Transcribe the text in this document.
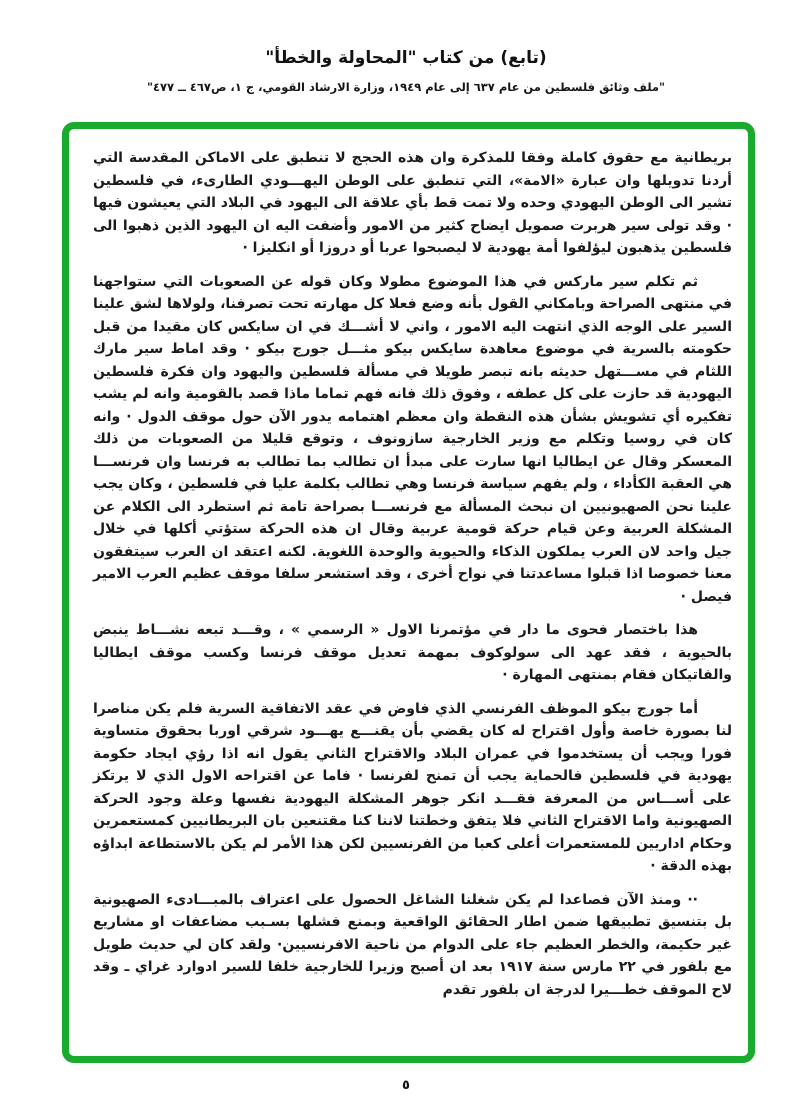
(تابع) من كتاب "المحاولة والخطأ"
"ملف وثائق فلسطين من عام ٦٣٧ إلى عام ١٩٤٩، وزارة الارشاد القومي، ج ١، ص٤٦٧ ــ ٤٧٧"

بريطانية مع حقوق كاملة وفقا للمذكرة وان هذه الحجج لا تنطبق على الاماكن المقدسة التي أردنا تدويلها وان عبارة «الامة»، التي تنطبق على الوطن اليهـــودي الطارىء، في فلسطين تشير الى الوطن اليهودي وحده ولا تمت قط بأي علاقة الى اليهود في البلاد التي يعيشون فيها · وقد تولى سير هربرت صمويل ايضاح كثير من الامور وأضفت اليه ان اليهود الذين ذهبوا الى فلسطين يذهبون ليؤلفوا أمة يهودية لا ليصبحوا عربا أو دروزا أو انكليزا ·

ثم تكلم سير ماركس في هذا الموضوع مطولا وكان قوله عن الصعوبات التي ستواجهنا في منتهى الصراحة وبامكاني القول بأنه وضع فعلا كل مهارته تحت تصرفنا، ولولاها لشق علينا السير على الوجه الذي انتهت اليه الامور ، واني لا أشـــك في ان سايكس كان مقيدا من قبل حكومته بالسرية في موضوع معاهدة سايكس بيكو مثـــل جورج بيكو · وقد اماط سير مارك اللثام في مســـتهل حديثه بانه تبصر طويلا في مسألة فلسطين واليهود وان فكرة فلسطين اليهودية قد حازت على كل عطفه ، وفوق ذلك فانه فهم تماما ماذا قصد بالقومية وانه لم يشب تفكيره أي تشويش بشأن هذه النقطة وان معظم اهتمامه يدور الآن حول موقف الدول · وانه كان في روسيا وتكلم مع وزير الخارجية سازونوف ، وتوقع قليلا من الصعوبات من ذلك المعسكر وقال عن ايطاليا انها سارت على مبدأ ان تطالب بما تطالب به فرنسا وان فرنســـا هي العقبة الكأداء ، ولم يفهم سياسة فرنسا وهي تطالب بكلمة عليا في فلسطين ، وكان يجب علينا نحن الصهيونيين ان نبحث المسألة مع فرنســـا بصراحة تامة ثم استطرد الى الكلام عن المشكلة العربية وعن قيام حركة قومية عربية وقال ان هذه الحركة ستؤتي أكلها في خلال جيل واحد لان العرب يملكون الذكاء والحيوية والوحدة اللغوية. لكنه اعتقد ان العرب سيتفقون معنا خصوصا اذا قبلوا مساعدتنا في نواح أخرى ، وقد استشعر سلفا موقف عظيم العرب الامير فيصل ·

هذا باختصار فحوى ما دار في مؤتمرنا الاول « الرسمي » ، وقـــد تبعه نشـــاط ينبض بالحيوية ، فقد عهد الى سولوكوف بمهمة تعديل موقف فرنسا وكسب موقف ايطاليا والفاتيكان فقام بمنتهى المهارة ·

أما جورج بيكو الموظف الفرنسي الذي فاوض في عقد الاتفاقية السرية فلم يكن مناصرا لنا بصورة خاصة وأول اقتراح له كان يقضي بأن يقنـــع يهـــود شرقي اوربا بحقوق متساوية فورا ويجب أن يستخدموا في عمران البلاد والاقتراح الثاني يقول انه اذا رؤي ايجاد حكومة يهودية في فلسطين فالحماية يجب أن تمنح لفرنسا · فاما عن اقتراحه الاول الذي لا يرتكز على أســـاس من المعرفة فقـــد انكر جوهر المشكلة اليهودية نفسها وعلة وجود الحركة الصهيونية واما الاقتراح الثاني فلا يتفق وخطتنا لاننا كنا مقتنعين بان البريطانيين كمستعمرين وحكام اداريين للمستعمرات أعلى كعبا من الفرنسيين لكن هذا الأمر لم يكن بالاستطاعة ابداؤه بهذه الدقة ·

·· ومنذ الآن فصاعدا لم يكن شغلنا الشاغل الحصول على اعتراف بالمبـــادىء الصهيونية بل بتنسيق تطبيقها ضمن اطار الحقائق الواقعية وبمنع فشلها بسـبب مضاعفات او مشاريع غير حكيمة، والخطر العظيم جاء على الدوام من ناحية الافرنسيين· ولقد كان لي حديث طويل مع بلفور في ٢٢ مارس سنة ١٩١٧ بعد ان أصبح وزيرا للخارجية خلفا للسير ادوارد غراي ـ وقد لاح الموقف خطـــيرا لدرجة ان بلفور تقدم

٥
